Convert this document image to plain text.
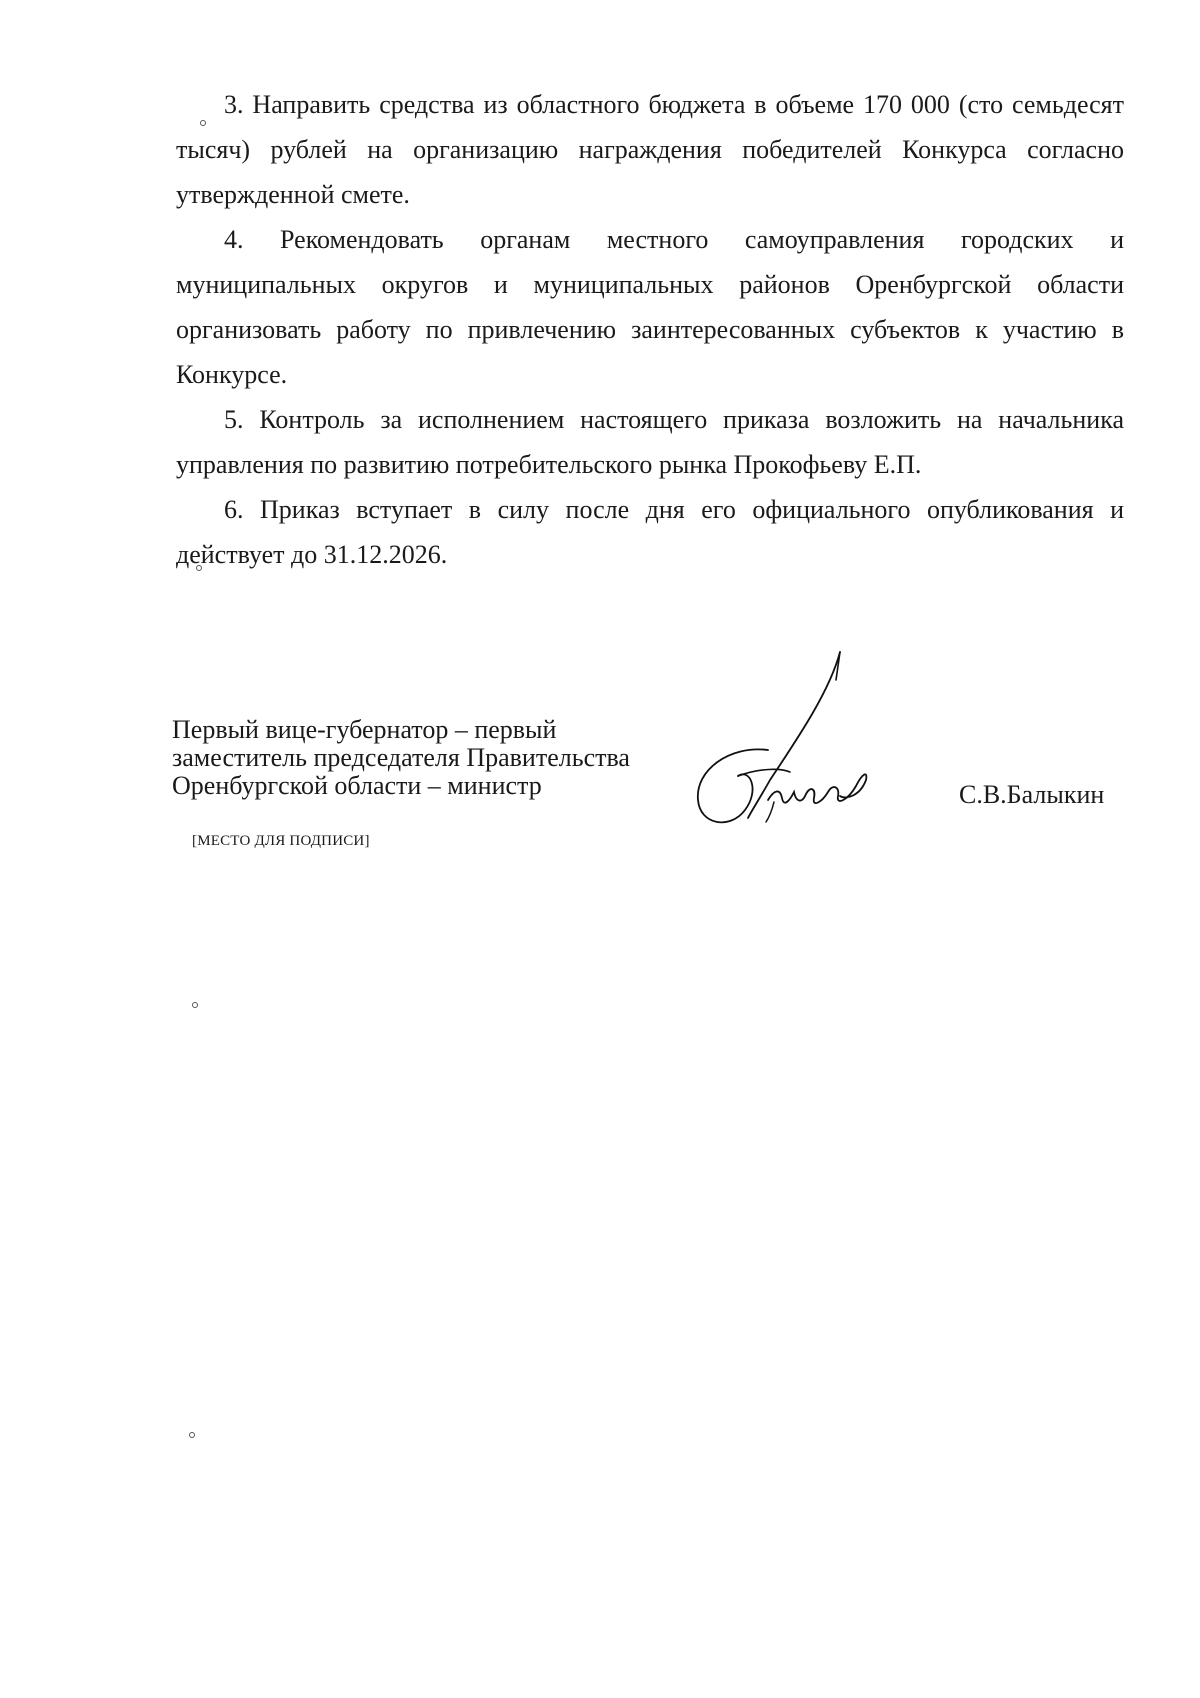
3. Направить средства из областного бюджета в объеме 170 000 (сто семьдесят тысяч) рублей на организацию награждения победителей Конкурса согласно утвержденной смете.

4. Рекомендовать органам местного самоуправления городских и муниципальных округов и муниципальных районов Оренбургской области организовать работу по привлечению заинтересованных субъектов к участию в Конкурсе.

5. Контроль за исполнением настоящего приказа возложить на начальника управления по развитию потребительского рынка Прокофьеву Е.П.

6. Приказ вступает в силу после дня его официального опубликования и действует до 31.12.2026.

Первый вице-губернатор – первый
заместитель председателя Правительства
Оренбургской области – министр
[МЕСТО ДЛЯ ПОДПИСИ]
С.В.Балыкин
